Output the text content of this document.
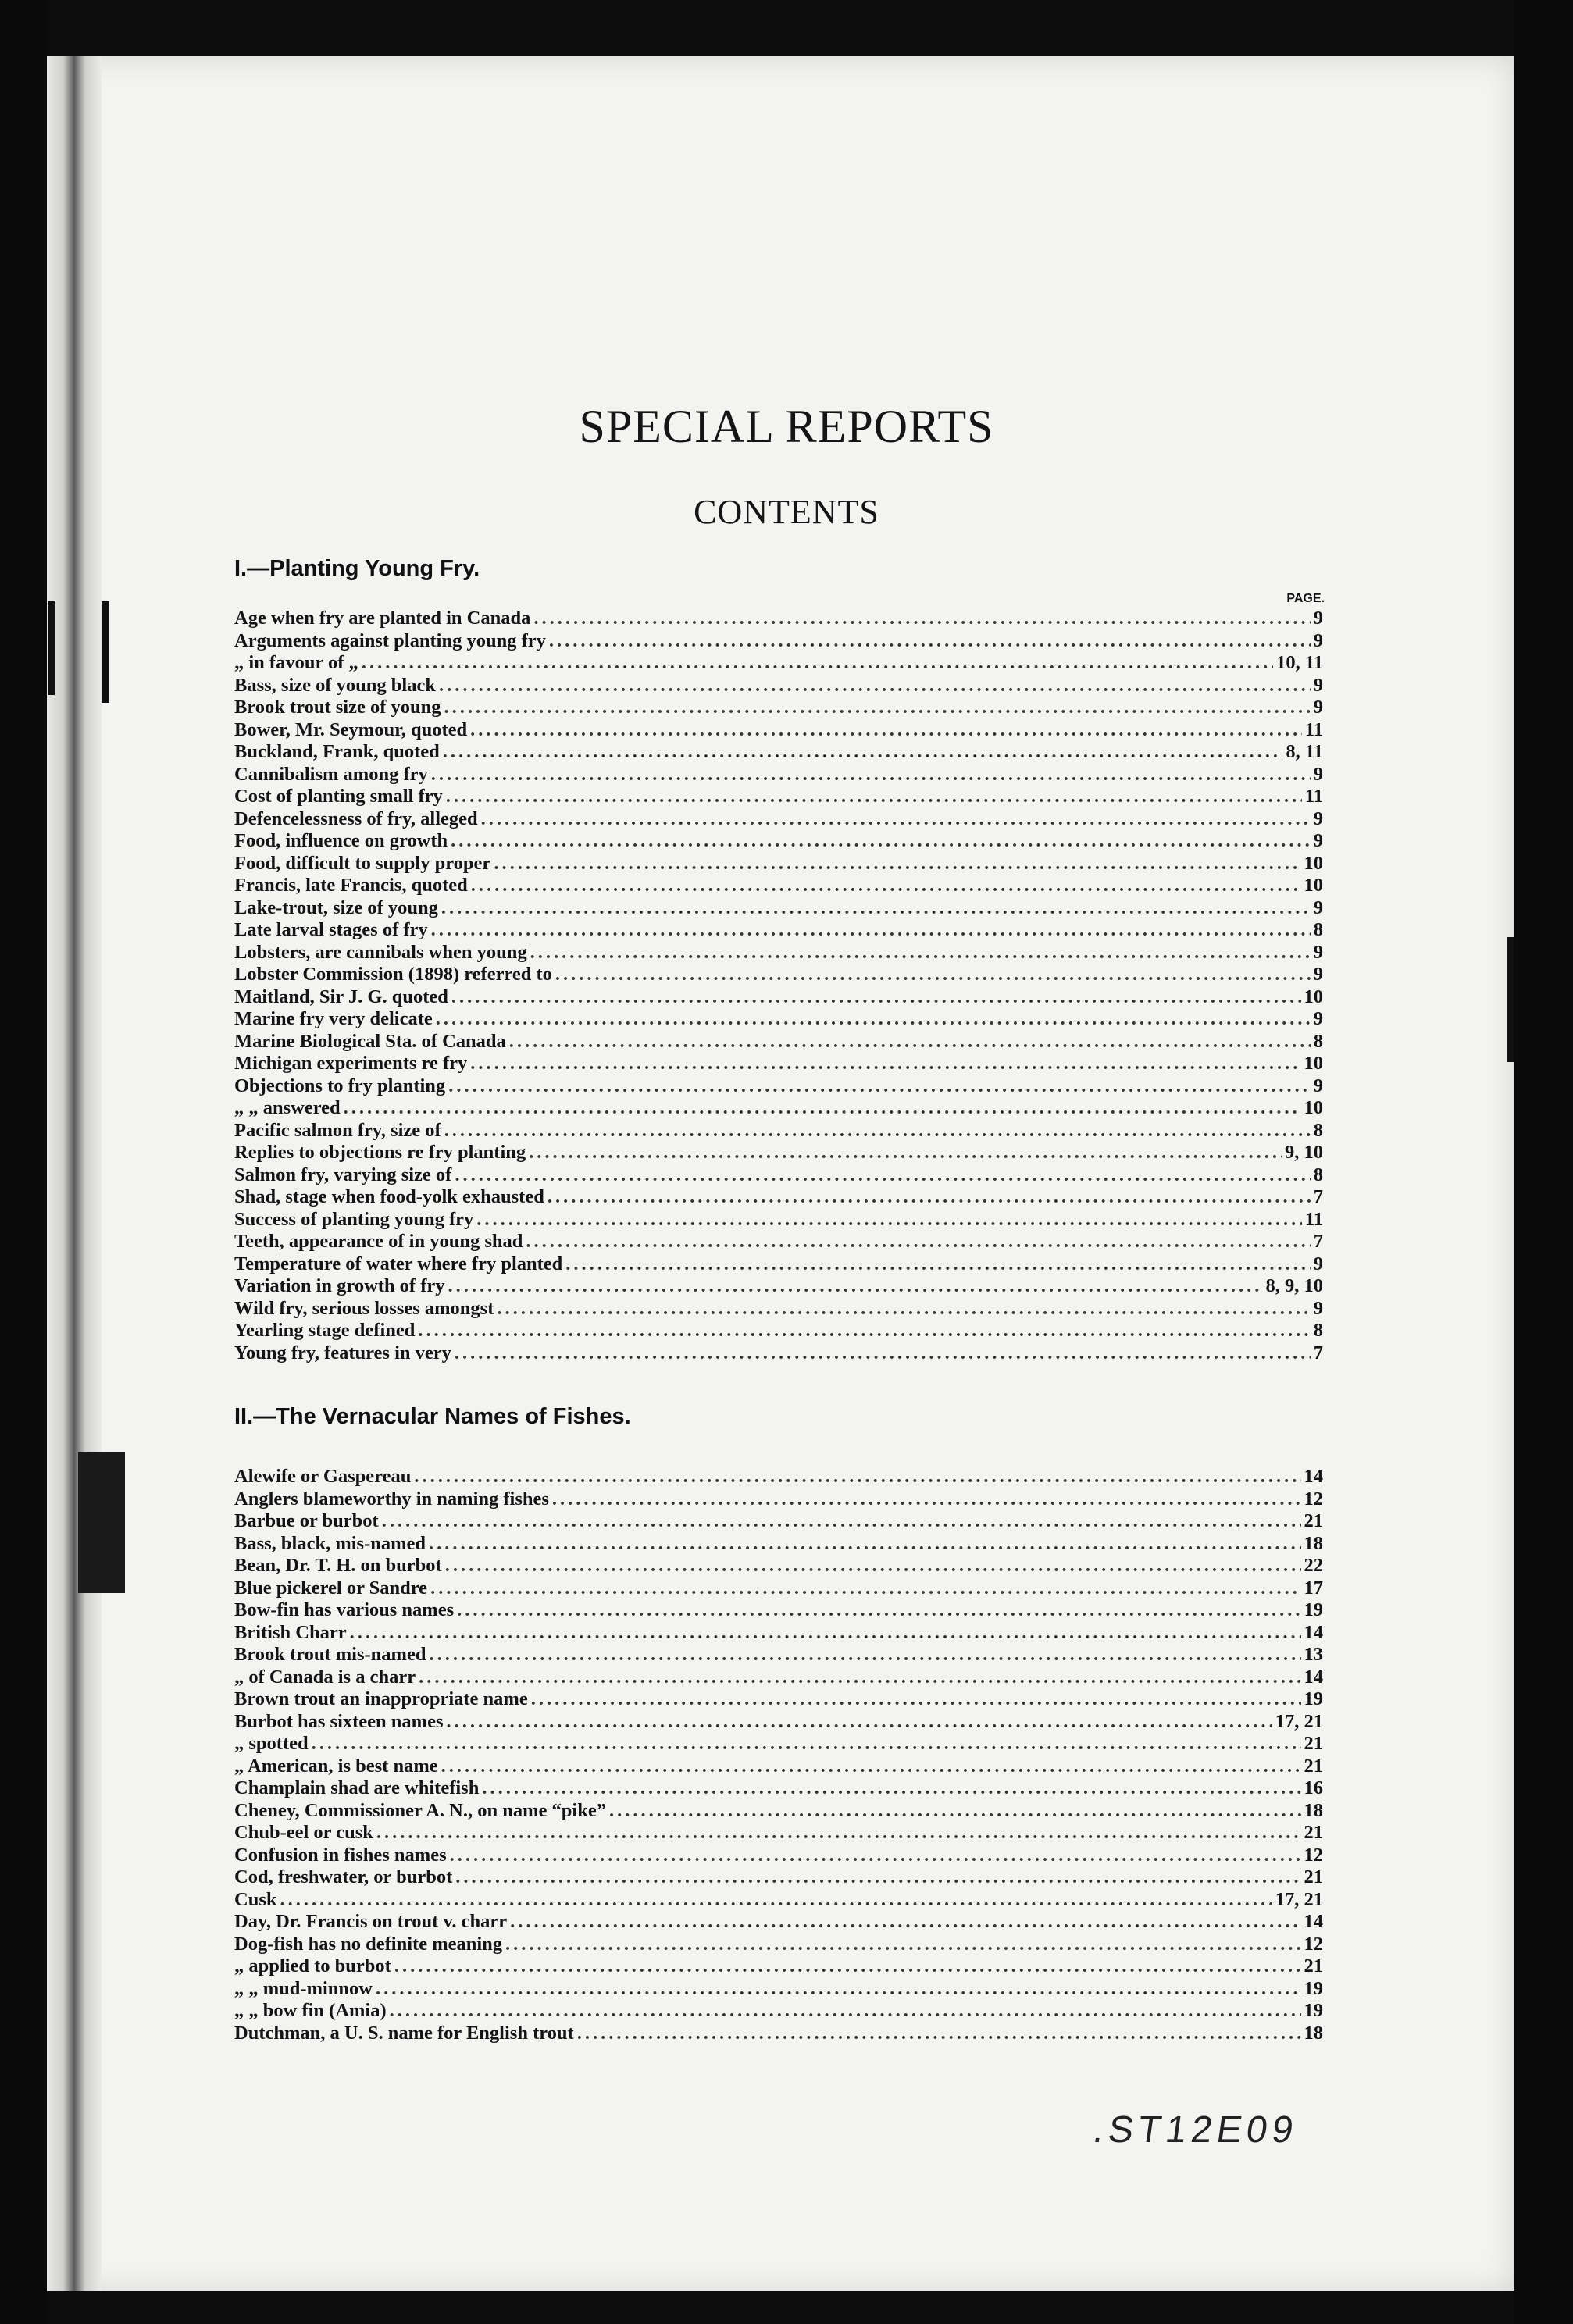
SPECIAL REPORTS
CONTENTS
I.—Planting Young Fry.
PAGE.
Age when fry are planted in Canada .....	9
Arguments against planting young fry .....	9
„ in favour of „ .....	10, 11
Bass, size of young black .....	9
Brook trout size of young .....	9
Bower, Mr. Seymour, quoted .....	11
Buckland, Frank, quoted .....	8, 11
Cannibalism among fry .....	9
Cost of planting small fry .....	11
Defencelessness of fry, alleged .....	9
Food, influence on growth .....	9
Food, difficult to supply proper .....	10
Francis, late Francis, quoted .....	10
Lake-trout, size of young .....	9
Late larval stages of fry .....	8
Lobsters, are cannibals when young .....	9
Lobster Commission (1898) referred to .....	9
Maitland, Sir J. G. quoted .....	10
Marine fry very delicate .....	9
Marine Biological Sta. of Canada .....	8
Michigan experiments re fry .....	10
Objections to fry planting .....	9
„ „ answered .....	10
Pacific salmon fry, size of .....	8
Replies to objections re fry planting .....	9, 10
Salmon fry, varying size of .....	8
Shad, stage when food-yolk exhausted .....	7
Success of planting young fry .....	11
Teeth, appearance of in young shad .....	7
Temperature of water where fry planted .....	9
Variation in growth of fry .....	8, 9, 10
Wild fry, serious losses amongst .....	9
Yearling stage defined .....	8
Young fry, features in very .....	7
II.—The Vernacular Names of Fishes.
Alewife or Gaspereau .....	14
Anglers blameworthy in naming fishes .....	12
Barbue or burbot .....	21
Bass, black, mis-named .....	18
Bean, Dr. T. H. on burbot .....	22
Blue pickerel or Sandre .....	17
Bow-fin has various names .....	19
British Charr .....	14
Brook trout mis-named .....	13
„ of Canada is a charr .....	14
Brown trout an inappropriate name .....	19
Burbot has sixteen names .....	17, 21
„ spotted .....	21
„ American, is best name .....	21
Champlain shad are whitefish .....	16
Cheney, Commissioner A. N., on name “pike” .....	18
Chub-eel or cusk .....	21
Confusion in fishes names .....	12
Cod, freshwater, or burbot .....	21
Cusk .....	17, 21
Day, Dr. Francis on trout v. charr .....	14
Dog-fish has no definite meaning .....	12
„ applied to burbot .....	21
„ „ mud-minnow .....	19
„ „ bow fin (Amia) .....	19
Dutchman, a U. S. name for English trout .....	18
.ST12E09
